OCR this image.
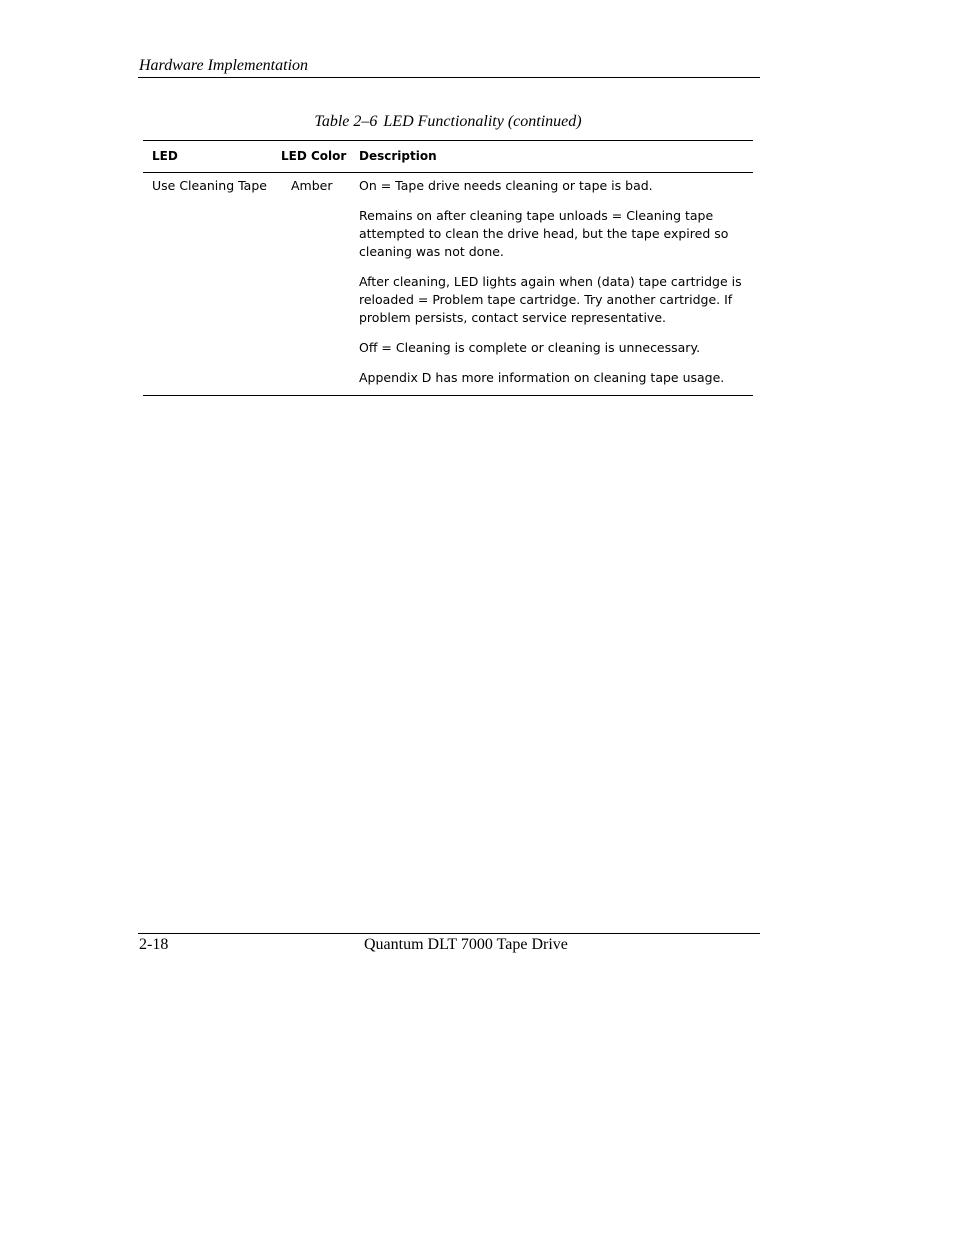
Hardware Implementation
Table 2–6 LED Functionality (continued)
LED	LED Color Description
Use Cleaning Tape Amber On = Tape drive needs cleaning or tape is bad.

Remains on after cleaning tape unloads = Cleaning tape
attempted to clean the drive head, but the tape expired so
cleaning was not done.

After cleaning, LED lights again when (data) tape cartridge is
reloaded = Problem tape cartridge. Try another cartridge. If
problem persists, contact service representative.

Off = Cleaning is complete or cleaning is unnecessary.

Appendix D has more information on cleaning tape usage.

2-18	Quantum DLT 7000 Tape Drive
